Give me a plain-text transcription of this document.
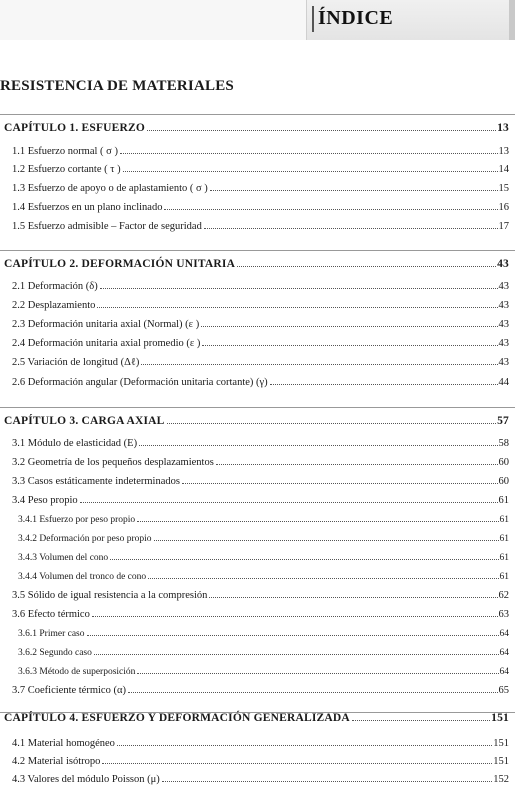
ÍNDICE
RESISTENCIA DE MATERIALES
CAPÍTULO 1. ESFUERZO	13
1.1 Esfuerzo normal ( σ )	13
1.2 Esfuerzo cortante ( τ )	14
1.3 Esfuerzo de apoyo o de aplastamiento ( σ )	15
1.4 Esfuerzos en un plano inclinado	16
1.5 Esfuerzo admisible – Factor de seguridad	17
CAPÍTULO 2. DEFORMACIÓN UNITARIA	43
2.1 Deformación (δ)	43
2.2 Desplazamiento	43
2.3 Deformación unitaria axial (Normal) (ε )	43
2.4 Deformación unitaria axial promedio (ε )	43
2.5 Variación de longitud (Δℓ)	43
2.6 Deformación angular (Deformación unitaria cortante) (γ)	44
CAPÍTULO 3. CARGA AXIAL	57
3.1 Módulo de elasticidad (E)	58
3.2 Geometría de los pequeños desplazamientos	60
3.3 Casos estáticamente indeterminados	60
3.4 Peso propio	61
3.4.1 Esfuerzo por peso propio	61
3.4.2 Deformación por peso propio	61
3.4.3 Volumen del cono	61
3.4.4 Volumen del tronco de cono	61
3.5 Sólido de igual resistencia a la compresión	62
3.6 Efecto térmico	63
3.6.1 Primer caso	64
3.6.2 Segundo caso	64
3.6.3 Método de superposición	64
3.7 Coeficiente térmico (α)	65
CAPÍTULO 4. ESFUERZO Y DEFORMACIÓN GENERALIZADA	151
4.1 Material homogéneo	151
4.2 Material isótropo	151
4.3 Valores del módulo Poisson (μ)	152
